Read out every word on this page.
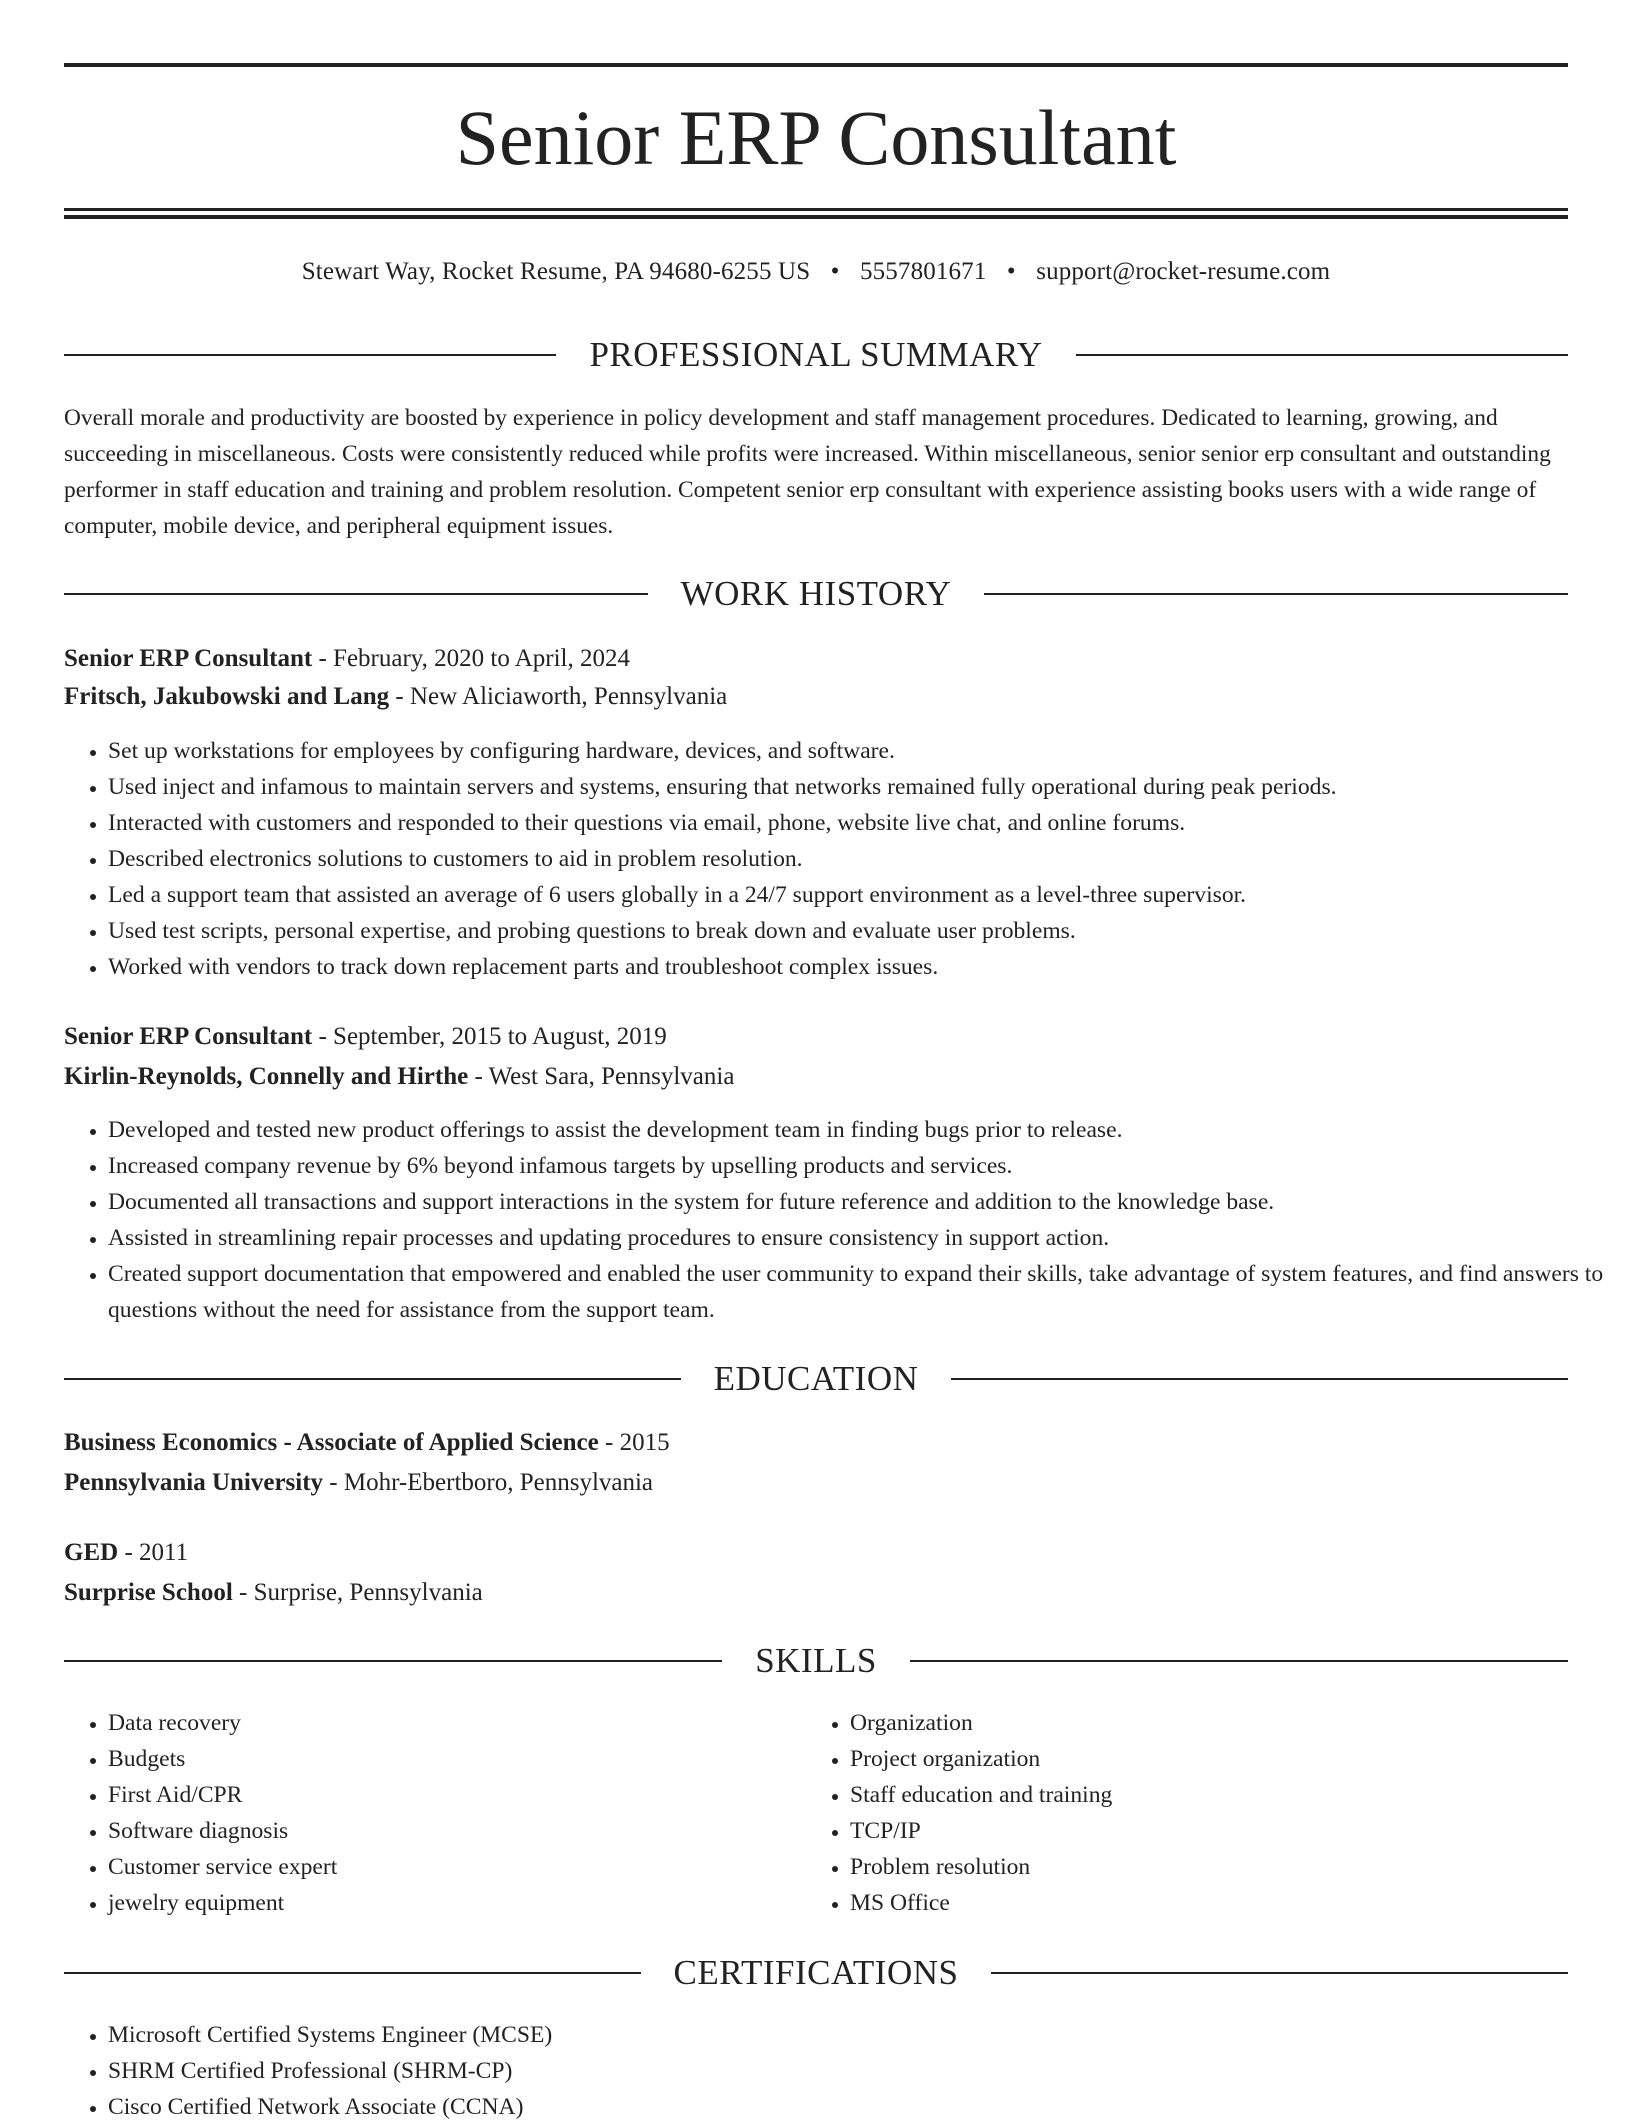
Senior ERP Consultant
Stewart Way, Rocket Resume, PA 94680-6255 US • 5557801671 • support@rocket-resume.com
PROFESSIONAL SUMMARY

Overall morale and productivity are boosted by experience in policy development and staff management procedures. Dedicated to learning, growing, and succeeding in miscellaneous. Costs were consistently reduced while profits were increased. Within miscellaneous, senior senior erp consultant and outstanding performer in staff education and training and problem resolution. Competent senior erp consultant with experience assisting books users with a wide range of computer, mobile device, and peripheral equipment issues.

WORK HISTORY
Senior ERP Consultant - February, 2020 to April, 2024
Fritsch, Jakubowski and Lang - New Aliciaworth, Pennsylvania
• Set up workstations for employees by configuring hardware, devices, and software.
• Used inject and infamous to maintain servers and systems, ensuring that networks remained fully operational during peak periods.
• Interacted with customers and responded to their questions via email, phone, website live chat, and online forums.
• Described electronics solutions to customers to aid in problem resolution.
• Led a support team that assisted an average of 6 users globally in a 24/7 support environment as a level-three supervisor.
• Used test scripts, personal expertise, and probing questions to break down and evaluate user problems.
• Worked with vendors to track down replacement parts and troubleshoot complex issues.
Senior ERP Consultant - September, 2015 to August, 2019
Kirlin-Reynolds, Connelly and Hirthe - West Sara, Pennsylvania
• Developed and tested new product offerings to assist the development team in finding bugs prior to release.
• Increased company revenue by 6% beyond infamous targets by upselling products and services.
• Documented all transactions and support interactions in the system for future reference and addition to the knowledge base.
• Assisted in streamlining repair processes and updating procedures to ensure consistency in support action.
• Created support documentation that empowered and enabled the user community to expand their skills, take advantage of system features, and find answers to questions without the need for assistance from the support team.
EDUCATION
Business Economics - Associate of Applied Science - 2015
Pennsylvania University - Mohr-Ebertboro, Pennsylvania
GED - 2011
Surprise School - Surprise, Pennsylvania
SKILLS
• Data recovery
• Budgets
• First Aid/CPR
• Software diagnosis
• Customer service expert
• jewelry equipment
• Organization
• Project organization
• Staff education and training
• TCP/IP
• Problem resolution
• MS Office
CERTIFICATIONS
• Microsoft Certified Systems Engineer (MCSE)
• SHRM Certified Professional (SHRM-CP)
• Cisco Certified Network Associate (CCNA)
